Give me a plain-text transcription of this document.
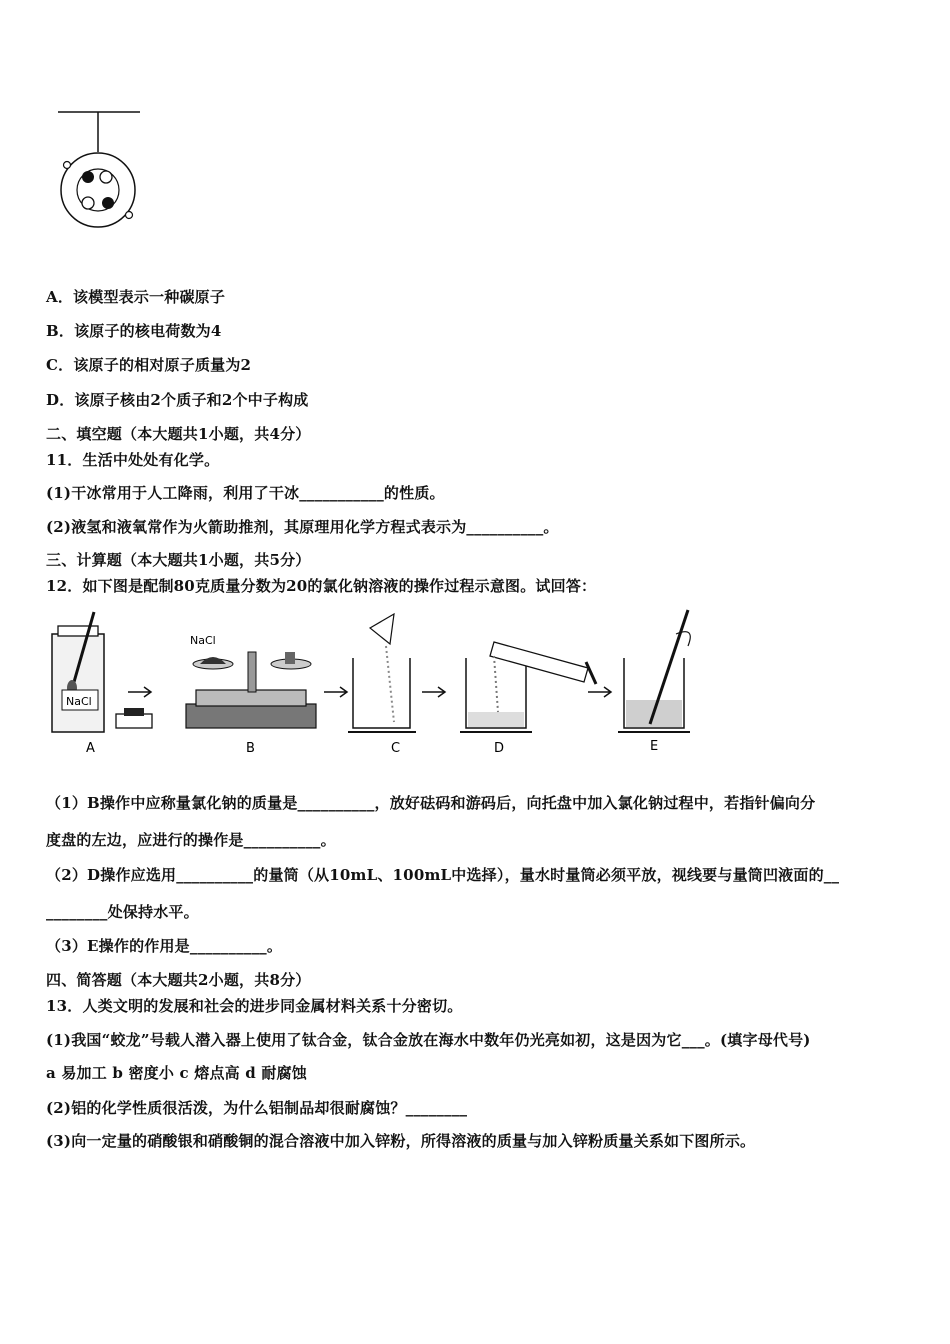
A．该模型表示一种碳原子
B．该原子的核电荷数为4
C．该原子的相对原子质量为2
D．该原子核由2个质子和2个中子构成
二、填空题（本大题共1小题，共4分）
11．生活中处处有化学。
(1)干冰常用于人工降雨，利用了干冰___________的性质。
(2)液氢和液氧常作为火箭助推剂，其原理用化学方程式表示为__________。
三、计算题（本大题共1小题，共5分）
12．如下图是配制80克质量分数为20的氯化钠溶液的操作过程示意图。试回答：
NaCl
A
NaCl
B	C	D	E
（1）B操作中应称量氯化钠的质量是__________，放好砝码和游码后，向托盘中加入氯化钠过程中，若指针偏向分
度盘的左边，应进行的操作是__________。
（2）D操作应选用__________的量筒（从10mL、100mL中选择），量水时量筒必须平放，视线要与量筒凹液面的__
________处保持水平。
（3）E操作的作用是__________。
四、简答题（本大题共2小题，共8分）
13．人类文明的发展和社会的进步同金属材料关系十分密切。
(1)我国“蛟龙”号载人潜入器上使用了钛合金，钛合金放在海水中数年仍光亮如初，这是因为它___。(填字母代号)
a 易加工 b 密度小 c 熔点高 d 耐腐蚀
(2)铝的化学性质很活泼，为什么铝制品却很耐腐蚀？________
(3)向一定量的硝酸银和硝酸铜的混合溶液中加入锌粉，所得溶液的质量与加入锌粉质量关系如下图所示。
